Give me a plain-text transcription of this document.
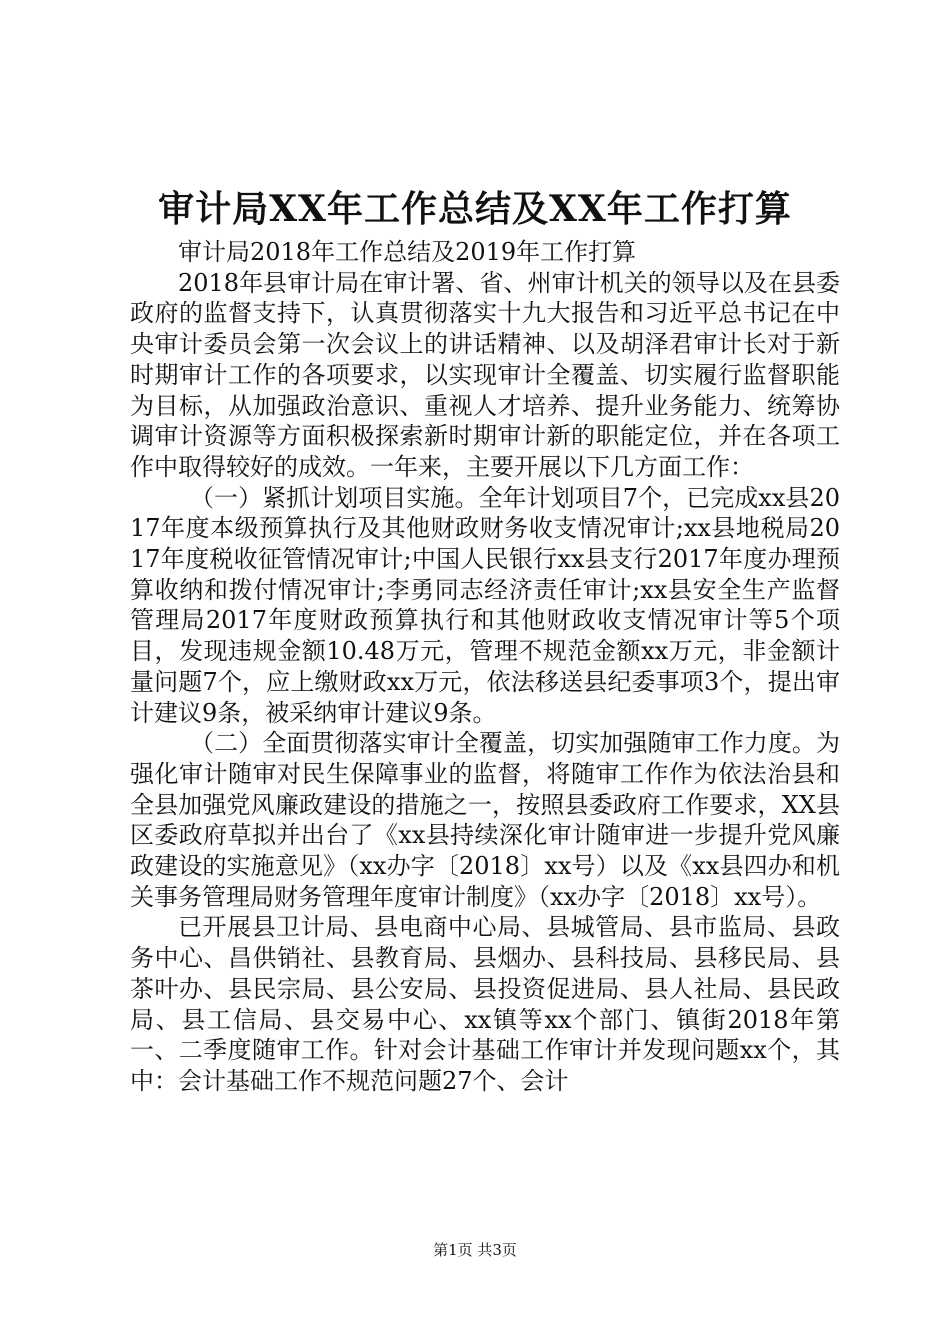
审计局XX年工作总结及XX年工作打算

审计局2018年工作总结及2019年工作打算

2018年县审计局在审计署、省、州审计机关的领导以及在县委政府的监督支持下，认真贯彻落实十九大报告和习近平总书记在中央审计委员会第一次会议上的讲话精神、以及胡泽君审计长对于新时期审计工作的各项要求，以实现审计全覆盖、切实履行监督职能为目标，从加强政治意识、重视人才培养、提升业务能力、统筹协调审计资源等方面积极探索新时期审计新的职能定位，并在各项工作中取得较好的成效。一年来，主要开展以下几方面工作：

（一）紧抓计划项目实施。全年计划项目7个，已完成xx县2017年度本级预算执行及其他财政财务收支情况审计;xx县地税局2017年度税收征管情况审计;中国人民银行xx县支行2017年度办理预算收纳和拨付情况审计;李勇同志经济责任审计;xx县安全生产监督管理局2017年度财政预算执行和其他财政收支情况审计等5个项目，发现违规金额10.48万元，管理不规范金额xx万元，非金额计量问题7个，应上缴财政xx万元，依法移送县纪委事项3个，提出审计建议9条，被采纳审计建议9条。

（二）全面贯彻落实审计全覆盖，切实加强随审工作力度。为强化审计随审对民生保障事业的监督，将随审工作作为依法治县和全县加强党风廉政建设的措施之一，按照县委政府工作要求，XX县区委政府草拟并出台了《xx县持续深化审计随审进一步提升党风廉政建设的实施意见》（xx办字〔2018〕xx号）以及《xx县四办和机关事务管理局财务管理年度审计制度》（xx办字〔2018〕xx号）。

已开展县卫计局、县电商中心局、县城管局、县市监局、县政务中心、昌供销社、县教育局、县烟办、县科技局、县移民局、县茶叶办、县民宗局、县公安局、县投资促进局、县人社局、县民政局、县工信局、县交易中心、xx镇等xx个部门、镇街2018年第一、二季度随审工作。针对会计基础工作审计并发现问题xx个，其中：会计基础工作不规范问题27个、会计

第1页 共3页
